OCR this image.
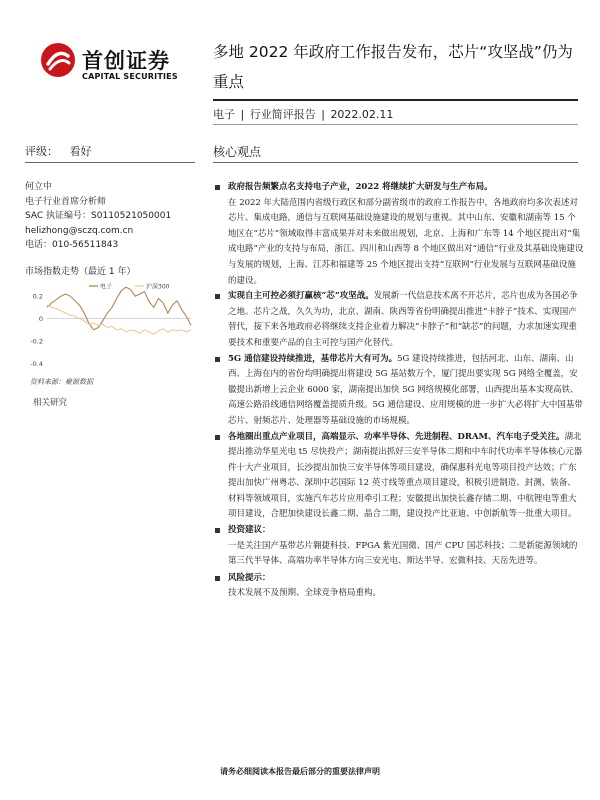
首创证券
CAPITAL SECURITIES
多地 2022 年政府工作报告发布，芯片“攻坚战”仍为
重点
电子 | 行业简评报告 | 2022.02.11
评级： 看好	核心观点
何立中
电子行业首席分析师
SAC 执证编号：S0110521050001
helizhong@sczq.com.cn
电话：010-56511843
市场指数走势（最近 1 年）
0.2
0
-0.2
-0.4
电子	沪深300
资料来源：聚源数据
相关研究
政府报告频繁点名支持电子产业，2022 将继续扩大研发与生产布局。
在 2022 年大陆范围内省级行政区和部分副省级市的政府工作报告中，各地政府均多次表述对芯片、集成电路，通信与互联网基础设施建设的规划与重视。其中山东、安徽和湖南等 15 个地区在“芯片”领域取得丰富成果并对未来做出规划，北京、上海和广东等 14 个地区提出对“集成电路”产业的支持与布局，浙江、四川和山西等 8 个地区做出对“通信”行业及其基础设施建设与发展的规划，上海、江苏和福建等 25 个地区提出支持“互联网”行业发展与互联网基础设施的建设。
实现自主可控必须打赢核“芯”攻坚战。发展新一代信息技术离不开芯片，芯片也成为各国必争之地。芯片之战，久久为功，北京、湖南、陕西等省份明确提出推进“卡脖子”技术、实现国产替代，接下来各地政府必将继续支持企业着力解决“卡脖子”和“缺芯”的问题，力求加速实现重要技术和重要产品的自主可控与国产化替代。
5G 通信建设持续推进，基带芯片大有可为。5G 建设持续推进，包括河北、山东、湖南、山西、上海在内的省份均明确提出将建设 5G 基站数万个，厦门提出要实现 5G 网络全覆盖，安徽提出新增上云企业 6000 家，湖南提出加快 5G 网络规模化部署，山西提出基本实现高铁、高速公路沿线通信网络覆盖提质升级。5G 通信建设、应用规模的进一步扩大必将扩大中国基带芯片、射频芯片、处理器等基础设施的市场规模。
各地圈出重点产业项目，高端显示、功率半导体、先进制程、DRAM、汽车电子受关注。湖北提出推动华星光电 t5 尽快投产；湖南提出抓好三安半导体二期和中车时代功率半导体核心元器件十大产业项目，长沙提出加快三安半导体等项目建设，确保惠科光电等项目投产达效；广东提出加快广州粤芯、深圳中芯国际 12 英寸线等重点项目建设，积极引进制造、封测、装备、材料等领域项目，实施汽车芯片应用牵引工程；安徽提出加快长鑫存储二期、中航锂电等重大项目建设，合肥加快建设长鑫二期、晶合二期，建设投产比亚迪、中创新航等一批重大项目。
投资建议：
一是关注国产基带芯片翱捷科技、FPGA 紫光国微、国产 CPU 国芯科技；二是新能源领域的第三代半导体、高端功率半导体方向三安光电、斯达半导、宏微科技、天岳先进等。
风险提示：
技术发展不及预期、全球竞争格局重构。
请务必细阅读本报告最后部分的重要法律声明
